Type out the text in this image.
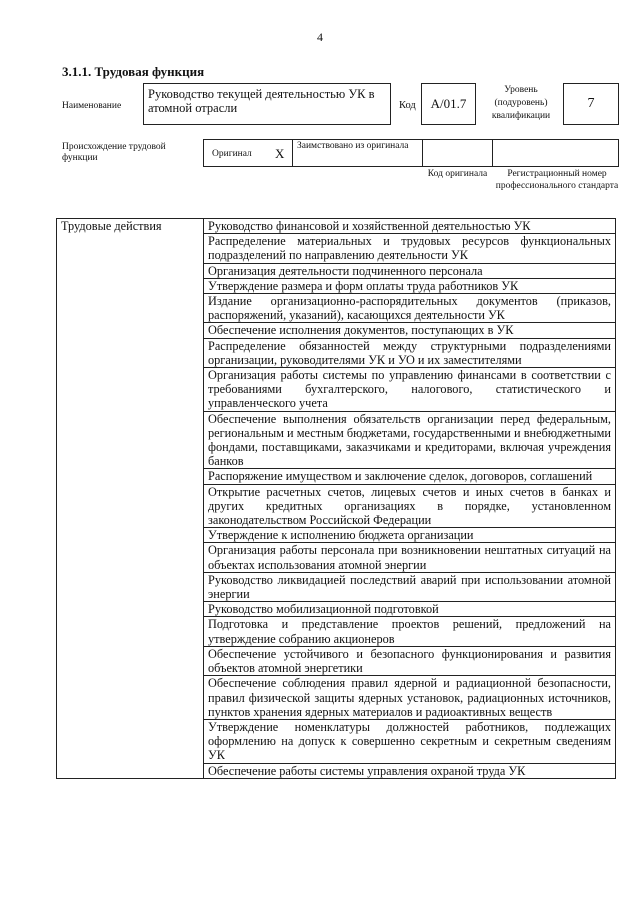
4
3.1.1. Трудовая функция
Наименование
Руководство текущей деятельностью УК в атомной отрасли	Код А/01.7
Уровень (подуровень) квалификации
7
Происхождение трудовой функции	Оригинал X Заимствовано из оригинала
Код оригинала	Регистрационный номер профессионального стандарта
Трудовые действия	Руководство финансовой и хозяйственной деятельностью УК
Распределение материальных и трудовых ресурсов функциональных подразделений по направлению деятельности УК
Организация деятельности подчиненного персонала
Утверждение размера и форм оплаты труда работников УК
Издание организационно-распорядительных документов (приказов, распоряжений, указаний), касающихся деятельности УК
Обеспечение исполнения документов, поступающих в УК
Распределение обязанностей между структурными подразделениями организации, руководителями УК и УО и их заместителями
Организация работы системы по управлению финансами в соответствии с требованиями бухгалтерского, налогового, статистического и управленческого учета
Обеспечение выполнения обязательств организации перед федеральным, региональным и местным бюджетами, государственными и внебюджетными фондами, поставщиками, заказчиками и кредиторами, включая учреждения банков
Распоряжение имуществом и заключение сделок, договоров, соглашений
Открытие расчетных счетов, лицевых счетов и иных счетов в банках и других кредитных организациях в порядке, установленном законодательством Российской Федерации
Утверждение к исполнению бюджета организации
Организация работы персонала при возникновении нештатных ситуаций на объектах использования атомной энергии
Руководство ликвидацией последствий аварий при использовании атомной энергии
Руководство мобилизационной подготовкой
Подготовка и представление проектов решений, предложений на утверждение собранию акционеров
Обеспечение устойчивого и безопасного функционирования и развития объектов атомной энергетики
Обеспечение соблюдения правил ядерной и радиационной безопасности, правил физической защиты ядерных установок, радиационных источников, пунктов хранения ядерных материалов и радиоактивных веществ
Утверждение номенклатуры должностей работников, подлежащих оформлению на допуск к совершенно секретным и секретным сведениям УК
Обеспечение работы системы управления охраной труда УК
